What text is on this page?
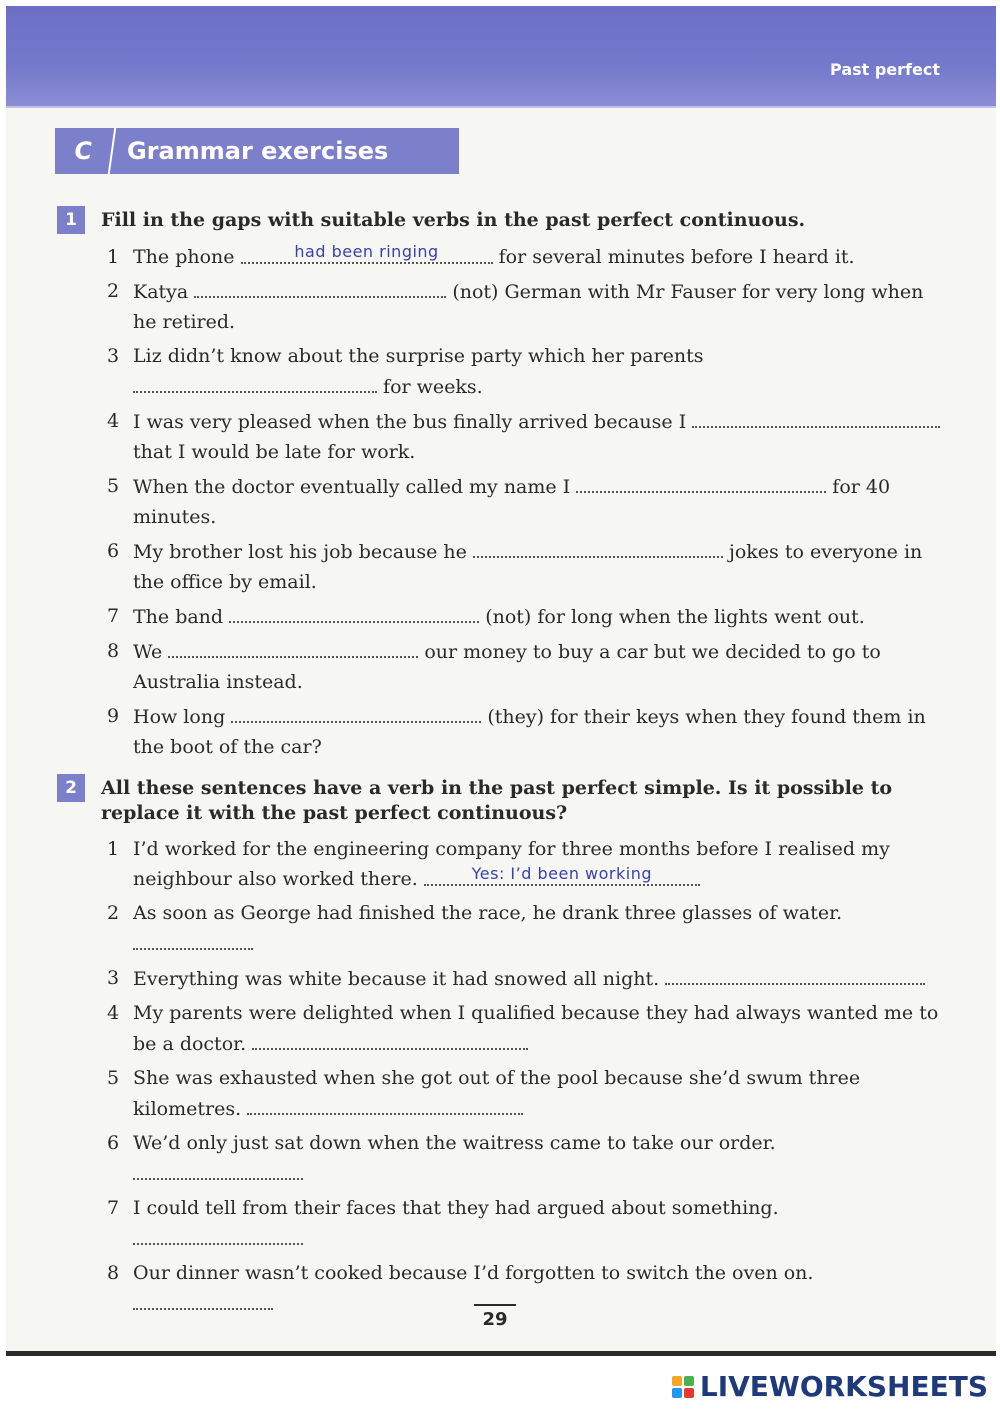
Past perfect
C	Grammar exercises
1	Fill in the gaps with suitable verbs in the past perfect continuous.
1 The phone	$^{had been ringing}$	for several minutes before I heard it.
2 Katya	(not) German with Mr Fauser for very long when he retired.
3 Liz didn’t know about the surprise party which her parents  for weeks.
4 I was very pleased when the bus finally arrived because I  that I would be late for work.
5 When the doctor eventually called my name I	for 40 minutes.
6 My brother lost his job because he	jokes to everyone in the office by email.
7 The band	(not) for long when the lights went out.
8 We	our money to buy a car but we decided to go to Australia instead.
9 How long	(they) for their keys when they found them in the boot of the car?
2	All these sentences have a verb in the past perfect simple. Is it possible to replace it with the past perfect continuous?
1 I’d worked for the engineering company for three months before I realised my neighbour also worked there.	$^{Yes: I’d been working}$
2 As soon as George had finished the race, he drank three glasses of water.
3 Everything was white because it had snowed all night.
4 My parents were delighted when I qualified because they had always wanted me to be a doctor.
5 She was exhausted when she got out of the pool because she’d swum three kilometres.
6 We’d only just sat down when the waitress came to take our order.
7 I could tell from their faces that they had argued about something.
8 Our dinner wasn’t cooked because I’d forgotten to switch the oven on.
29
LIVEWORKSHEETS
